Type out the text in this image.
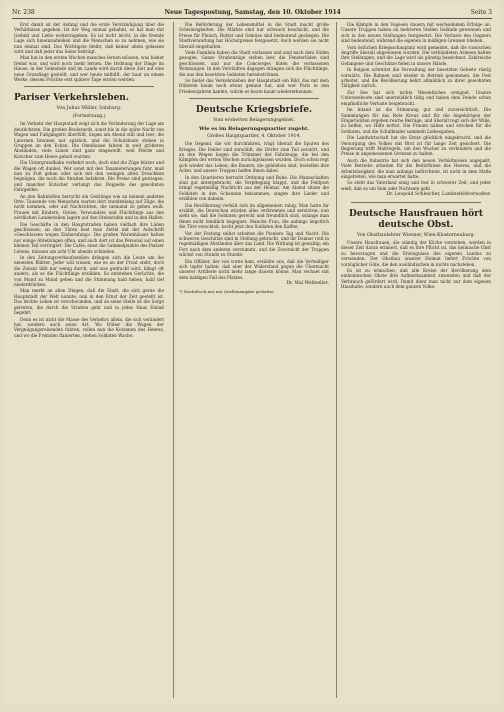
Nr. 238	Neue Tagespostung, Samstag, den 10. Oktober 1914	Seite 3

Erst damit ist der Anfang und die erste Verständigung über die Verhältnisse gegeben. Ist der Weg einmal gebahnt, so hat man mit Geduld und Liebe weiterzugehen. Es ist nicht leicht, in die fremde Lage sich hineinzudenken und die Menschen so zu nehmen, wie sie nun einmal sind. Das Wichtigste bleibt, daß keiner allein gelassen wird und daß jeder das Seine beiträgt.

Man hat in den ersten Wochen manches lernen müssen, was bisher fremd war, und wird noch mehr lernen. Die Ordnung der Dinge im Hause, in der Gemeinde und im Lande wird durch diese Zeit auf eine neue Grundlage gestellt, und wer heute mithilft, der baut an einem Werke, dessen Früchte erst spätere Tage ernten werden.

Pariser Verkehrsleben.
Von Julius Müller, Salzburg.
(Fortsetzung.)

Im Verkehr der Hauptstadt zeigt sich die Veränderung der Lage am deutlichsten. Die großen Boulevards, sonst bis in die späte Nacht von Wagen und Fußgängern überfüllt, liegen am Abend still und leer; die Laternen brennen nur spärlich, und die Schutzleute stehen in Gruppen an den Ecken. Die Omnibusse fahren in weit größeren Abständen, viele Linien sind ganz eingestellt, weil Pferde und Kutscher zum Heere geholt wurden.

Die Untergrundbahn verkehrt noch, doch sind die Züge kürzer und die Wagen oft dunkel. Wer sonst mit den Taxameterwagen fuhr, muß nun zu Fuß gehen oder sich mit den wenigen alten Droschken begnügen, die noch die Straßen befahren. Die Preise sind gestiegen, und mancher Kutscher verlangt das Doppelte des gewohnten Fahrgeldes.

An den Bahnhöfen herrscht ein Gedränge wie an keinem anderen Orte. Tausende von Menschen warten dort stundenlang auf Züge, die nicht kommen, oder auf Nachrichten, die niemand zu geben weiß. Frauen mit Kindern, Greise, Verwundete und Flüchtlinge aus den nördlichen Landesteilen lagern auf den Steinstufen und in den Hallen.

Die Geschäfte in den Hauptstraßen haben vielfach ihre Läden geschlossen; an den Türen liest man Zettel mit der Aufschrift »Geschlossen wegen Einberufung«. Die großen Warenhäuser halten nur einige Abteilungen offen, und auch dort ist das Personal auf einen kleinen Teil verringert. Die Cafés, einst die Sammelpunkte des Pariser Lebens, müssen um acht Uhr abends schließen.

In den Zeitungsverkaufsstellen drängen sich die Leute um die neuesten Blätter. Jeder will wissen, wie es an der Front steht, doch die Zensur läßt nur wenig durch, und was gedruckt wird, klingt oft anders, als es die Flüchtlinge erzählen. So entstehen Gerüchte, die von Mund zu Mund gehen und die Stimmung bald heben, bald tief niederdrücken.

Man merkt an allen Dingen, daß die Stadt, die sich gerne die Hauptstadt der Welt nannte, nun in den Ernst der Zeit gestellt ist. Das leichte Leben ist verschwunden, und an seine Stelle ist die Sorge getreten, die durch die Straßen geht und in jedes Haus Einlaß begehrt.

Denn es ist nicht die Masse des Verkehrs allein, die sich verändert hat, sondern auch seine Art. Wo früher die Wagen der Vergnügungsreisenden fuhren, rollen nun die Kolonnen des Heeres, und wo die Fremden flanierten, stehen Soldaten Wache.

Die Beförderung der Lebensmittel in die Stadt macht große Schwierigkeiten. Die Märkte sind nur schwach beschickt, und die Preise für Fleisch, Butter und Gemüse sind bedeutend gestiegen. Die Stadtverwaltung hat Höchstpreise festgesetzt, doch werden sie nicht überall eingehalten.

Viele Familien haben die Stadt verlassen und sind nach dem Süden gezogen. Ganze Straßenzüge stehen leer, die Fensterläden sind geschlossen, und nur die Concierges hüten die verlassenen Wohnungen. In den Vorstädten dagegen drängen sich die Flüchtlinge, die aus den besetzten Gebieten hereinströmen.

So bietet das Verkehrsleben der Hauptstadt ein Bild, das mit dem früheren kaum noch etwas gemein hat, und wer Paris in den Friedensjahren kannte, würde es heute kaum wiedererkennen.

Deutsche Kriegsbriefe.
Vom eroberten Belagerungsgebiet.
Wie es im Belagerungsquartier zugeht.
Großes Hauptquartier, 4. Oktober 1914.

Die Gegend, die wir durchfahren, trägt überall die Spuren des Krieges. Die Felder sind zerwühlt, die Dörfer zum Teil zerstört, und an den Wegen liegen die Trümmer der Fahrzeuge, die bei den Kämpfen der ersten Wochen zurückgelassen wurden. Doch schon regt sich wieder das Leben; die Bauern, die geblieben sind, bestellen ihre Äcker, und unsere Truppen helfen ihnen dabei.

In den Quartieren herrscht Ordnung und Ruhe. Die Mannschaften sind gut untergebracht, die Verpflegung klappt, und die Feldpost bringt regelmäßig Nachricht aus der Heimat. Am Abend sitzen die Soldaten in den Scheunen beisammen, singen ihre Lieder und erzählen von daheim.

Die Bevölkerung verhält sich im allgemeinen ruhig. Man hatte ihr erzählt, die Deutschen würden alles verbrennen und zerstören; nun sieht sie, daß die Soldaten gerecht und freundlich sind, solange man ihnen nicht feindlich begegnet. Manche Frau, die anfangs ängstlich die Türe verschloß, kocht jetzt den Soldaten den Kaffee.

Vor der Festung selbst arbeiten die Pioniere Tag und Nacht. Die schweren Geschütze sind in Stellung gebracht, und ihr Donner rollt in regelmäßigen Abständen über das Land. Die Wirkung ist gewaltig; ein Fort nach dem anderen verstummt, und die Zuversicht der Truppen wächst von Stunde zu Stunde.

Ein Offizier, der von vorne kam, erzählte uns, daß die Verteidiger sich tapfer halten, daß aber der Widerstand gegen die Übermacht unserer Artillerie nicht mehr lange dauern könne. Man rechnet mit dem baldigen Fall des Platzes.

Dr. Wal Weltzeller.

*) Nachdruck nur mit Quellenangabe gestattet.

Die Kämpfe in den Vogesen dauern mit wechselndem Erfolge an. Unsere Truppen haben an mehreren Stellen Gelände gewonnen und sich in den neuen Stellungen festgesetzt. Die Verluste des Gegners sind bedeutend, während die eigenen in mäßigen Grenzen blieben.

Vom östlichen Kriegsschauplatz wird gemeldet, daß die russischen Angriffe überall abgewiesen wurden. Die verbündeten Armeen halten ihre Stellungen, und die Lage wird als günstig bezeichnet. Zahlreiche Gefangene und Geschütze fielen in unsere Hände.

In Belgien schreitet die Verwaltung der besetzten Gebiete rüstig vorwärts. Die Bahnen sind wieder in Betrieb genommen, die Post arbeitet, und die Bevölkerung kehrt allmählich zu ihrer gewohnten Tätigkeit zurück.

Zur See hat sich nichts Wesentliches ereignet. Unsere Unterseeboote sind unermüdlich tätig und haben dem Feinde schon empfindliche Verluste beigebracht.

Im Inland ist die Stimmung gut und zuversichtlich. Die Sammlungen für das Rote Kreuz und für die Angehörigen der Eingerückten ergeben reiche Beträge, und überall regt sich der Wille, zu helfen, wo Hilfe nottut. Die Frauen nähen und stricken für die Soldaten, und die Schulkinder sammeln Liebesgaben.

Die Landwirtschaft hat die Ernte glücklich eingebracht, und die Versorgung des Volkes mit Brot ist für lange Zeit gesichert. Die Regierung trifft Maßregeln, um den Wucher zu verhindern und die Preise in angemessenen Grenzen zu halten.

Auch die Industrie hat sich den neuen Verhältnissen angepaßt. Viele Betriebe arbeiten für die Bedürfnisse des Heeres, und die Arbeitslosigkeit, die man anfangs befürchtete, ist nicht in dem Maße eingetreten, wie man erwartet hatte.

So steht das Vaterland einig und fest in schwerer Zeit, und jeder weiß, daß es um Sein oder Nichtsein geht.

Dr. Leopold Schleicher, Landesfeldverwalter.
Deutsche Hausfrauen hört deutsche Obst.
Von Obstbaulehrer Wiesner, Wien-Klosterneuburg.

Unsere Hausfrauen, die ständig der Küche vorstehen, werden in dieser Zeit daran erinnert, daß es ihre Pflicht ist, das heimische Obst zu bevorzugen und die Erzeugnisse des eigenen Landes zu verwenden. Der Obstbau unserer Heimat liefert Früchte von vorzüglicher Güte, die den ausländischen in nichts nachstehen.

Es ist zu wünschen, daß alle Kreise der Bevölkerung dem einheimischen Obste ihre Aufmerksamkeit zuwenden und daß der Verbrauch gefördert wird. Damit dient man nicht nur dem eigenen Haushalte, sondern auch dem ganzen Volke.
